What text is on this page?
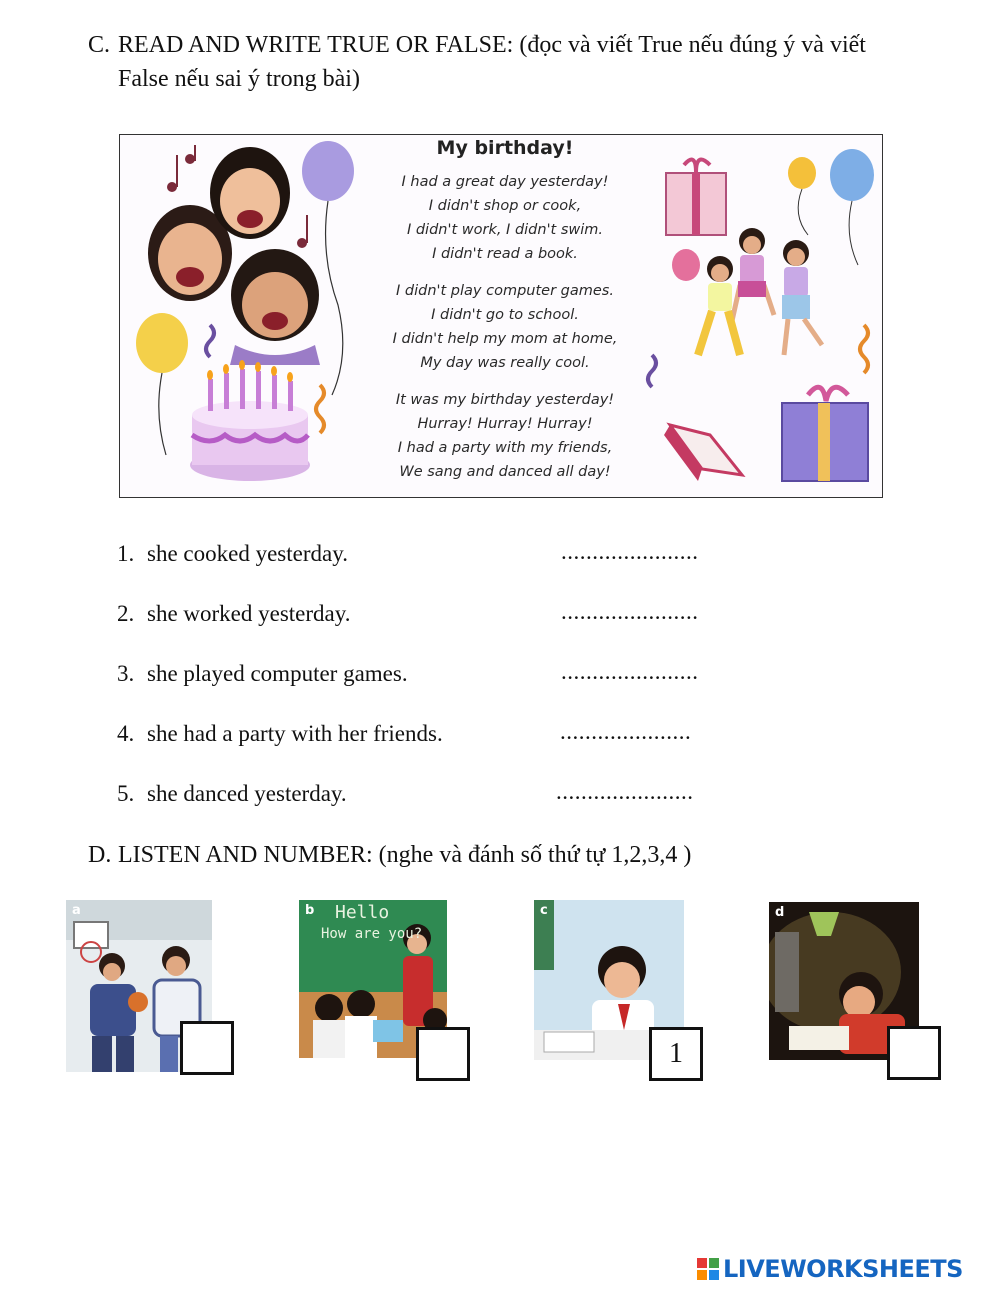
C. READ AND WRITE TRUE OR FALSE: (đọc và viết True nếu đúng ý và viết False nếu sai ý trong bài)
My birthday!
I had a great day yesterday!
I didn't shop or cook,
I didn't work, I didn't swim.
I didn't read a book.
I didn't play computer games.
I didn't go to school.
I didn't help my mom at home,
My day was really cool.
It was my birthday yesterday!
Hurray! Hurray! Hurray!
I had a party with my friends,
We sang and danced all day!
1. she cooked yesterday.	......................
2. she worked yesterday.	......................
3. she played computer games.	......................
4. she had a party with her friends.	.....................
5. she danced yesterday.	......................
D. LISTEN AND NUMBER: (nghe và đánh số thứ tự 1,2,3,4 )
a	b Hello
How are you?
c
1
d
LIVEWORKSHEETS
